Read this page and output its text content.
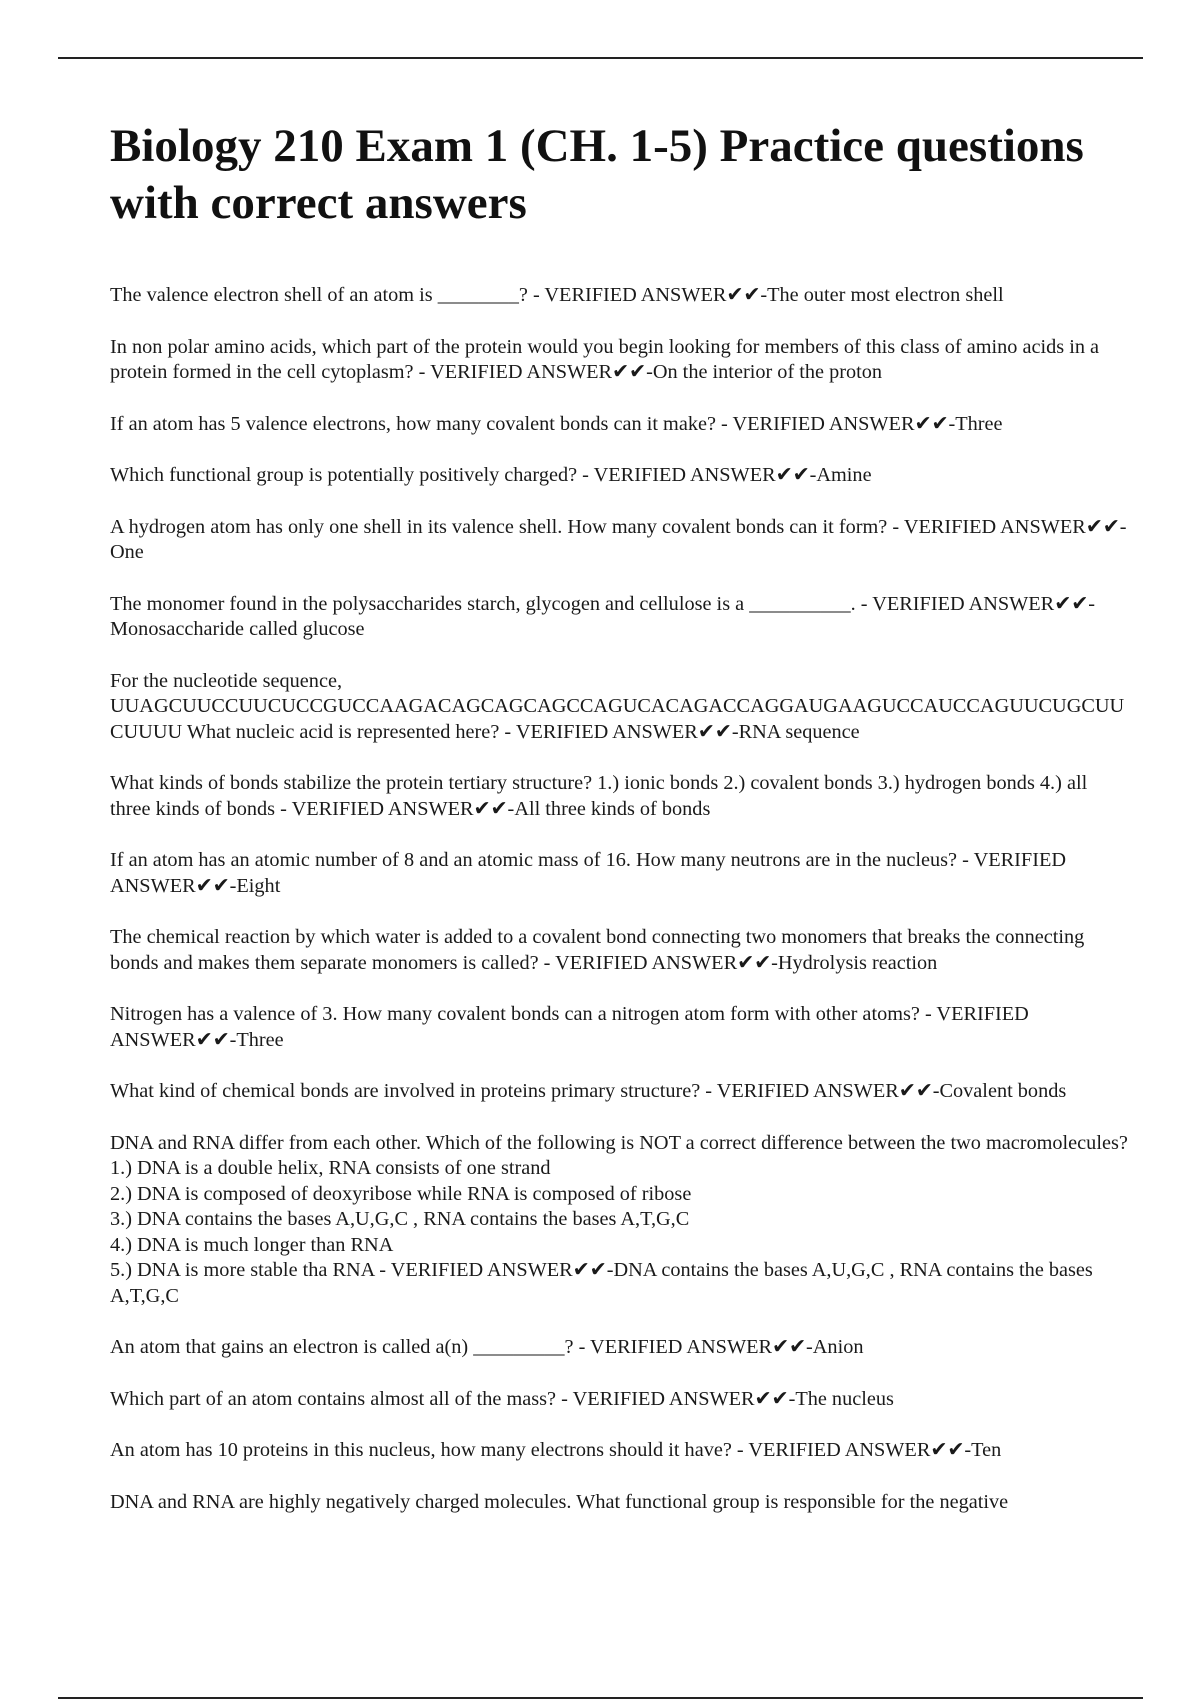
Biology 210 Exam 1 (CH. 1-5) Practice questions with correct answers

The valence electron shell of an atom is ________? - VERIFIED ANSWER✔✔-The outer most electron shell

In non polar amino acids, which part of the protein would you begin looking for members of this class of amino acids in a protein formed in the cell cytoplasm? - VERIFIED ANSWER✔✔-On the interior of the proton

If an atom has 5 valence electrons, how many covalent bonds can it make? - VERIFIED ANSWER✔✔-Three

Which functional group is potentially positively charged? - VERIFIED ANSWER✔✔-Amine

A hydrogen atom has only one shell in its valence shell. How many covalent bonds can it form? - VERIFIED ANSWER✔✔-One

The monomer found in the polysaccharides starch, glycogen and cellulose is a __________. - VERIFIED ANSWER✔✔-Monosaccharide called glucose

For the nucleotide sequence,
UUAGCUUCCUUCUCCGUCCAAGACAGCAGCAGCCAGUCACAGACCAGGAUGAAGUCCAUCCAGUUCUGCUUCUUUU What nucleic acid is represented here? - VERIFIED ANSWER✔✔-RNA sequence

What kinds of bonds stabilize the protein tertiary structure? 1.) ionic bonds 2.) covalent bonds 3.) hydrogen bonds 4.) all three kinds of bonds - VERIFIED ANSWER✔✔-All three kinds of bonds

If an atom has an atomic number of 8 and an atomic mass of 16. How many neutrons are in the nucleus? - VERIFIED ANSWER✔✔-Eight

The chemical reaction by which water is added to a covalent bond connecting two monomers that breaks the connecting bonds and makes them separate monomers is called? - VERIFIED ANSWER✔✔-Hydrolysis reaction

Nitrogen has a valence of 3. How many covalent bonds can a nitrogen atom form with other atoms? - VERIFIED ANSWER✔✔-Three

What kind of chemical bonds are involved in proteins primary structure? - VERIFIED ANSWER✔✔-Covalent bonds

DNA and RNA differ from each other. Which of the following is NOT a correct difference between the two macromolecules?
1.) DNA is a double helix, RNA consists of one strand
2.) DNA is composed of deoxyribose while RNA is composed of ribose
3.) DNA contains the bases A,U,G,C , RNA contains the bases A,T,G,C
4.) DNA is much longer than RNA
5.) DNA is more stable tha RNA - VERIFIED ANSWER✔✔-DNA contains the bases A,U,G,C , RNA contains the bases A,T,G,C

An atom that gains an electron is called a(n) _________? - VERIFIED ANSWER✔✔-Anion

Which part of an atom contains almost all of the mass? - VERIFIED ANSWER✔✔-The nucleus

An atom has 10 proteins in this nucleus, how many electrons should it have? - VERIFIED ANSWER✔✔-Ten

DNA and RNA are highly negatively charged molecules. What functional group is responsible for the negative
